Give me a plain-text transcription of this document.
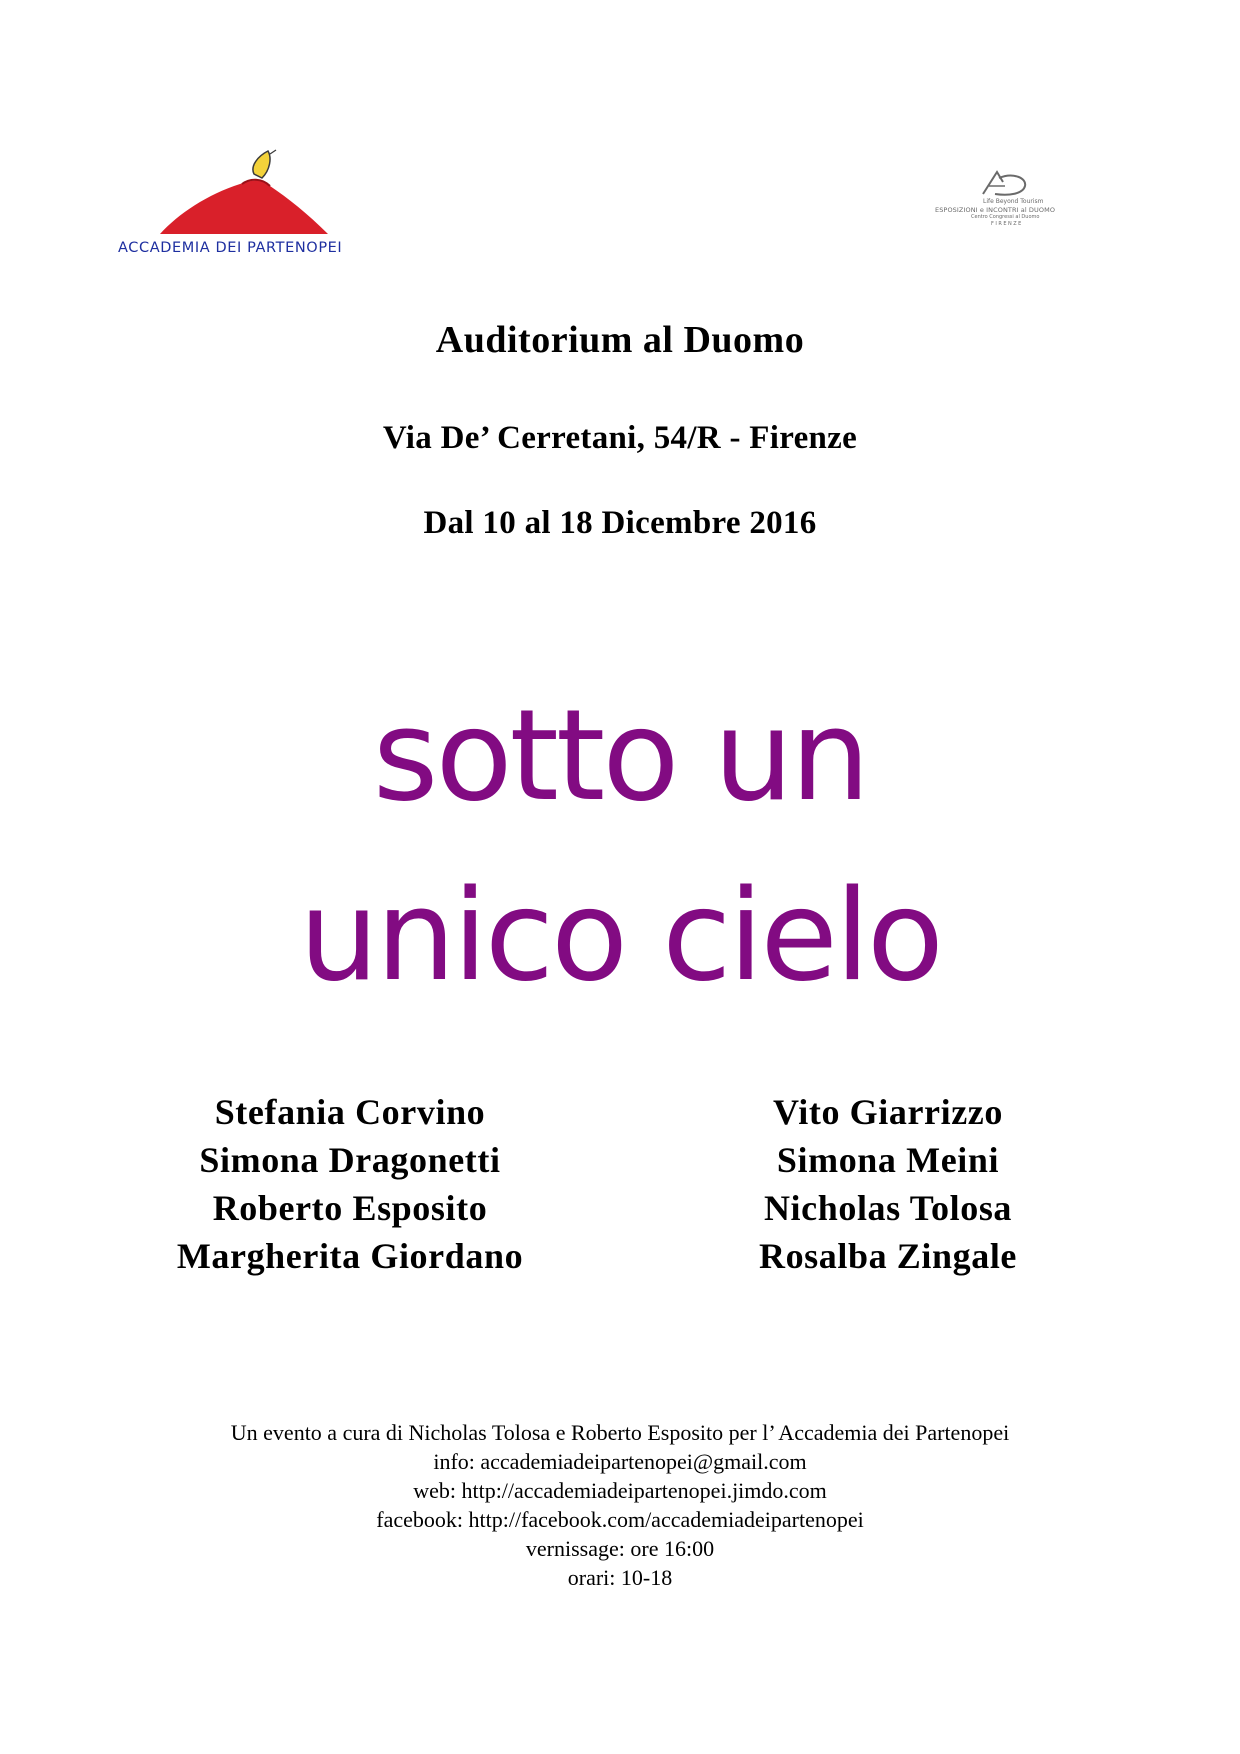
ACCADEMIA DEI PARTENOPEI
Life Beyond Tourism
ESPOSIZIONI e INCONTRI al DUOMO
Centro Congressi al Duomo
FIRENZE
Auditorium al Duomo
Via De’ Cerretani, 54/R - Firenze
Dal 10 al 18 Dicembre 2016
sotto un
unico cielo
Stefania Corvino
Simona Dragonetti
Roberto Esposito
Margherita Giordano
Vito Giarrizzo
Simona Meini
Nicholas Tolosa
Rosalba Zingale
Un evento a cura di Nicholas Tolosa e Roberto Esposito per l’ Accademia dei Partenopei
info: accademiadeipartenopei@gmail.com
web: http://accademiadeipartenopei.jimdo.com
facebook: http://facebook.com/accademiadeipartenopei
vernissage: ore 16:00
orari: 10-18
